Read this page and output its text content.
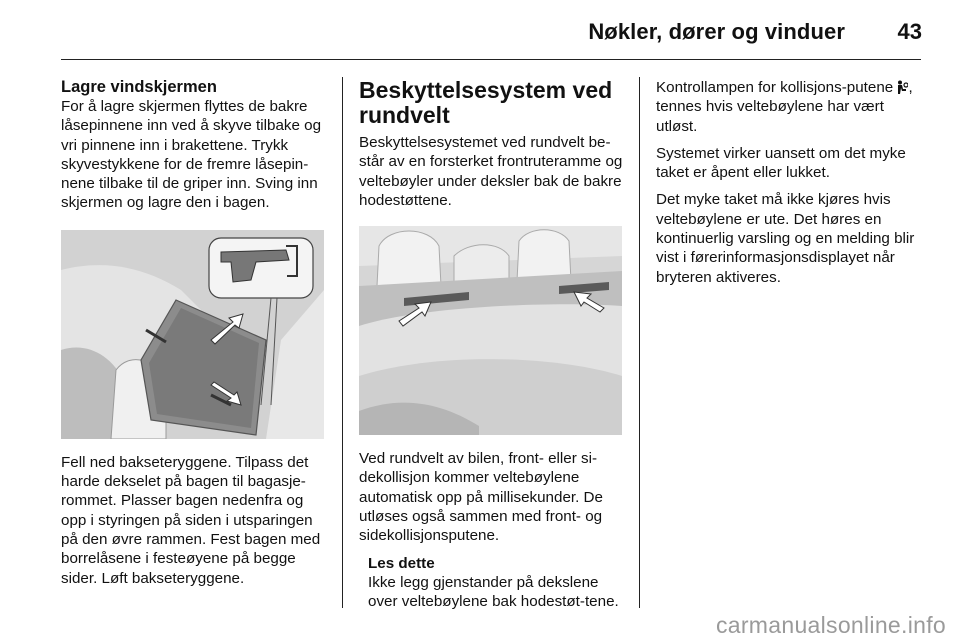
Nøkler, dører og vinduer 43
Lagre vindskjermen

For å lagre skjermen flyttes de bakre låsepinnene inn ved å skyve tilbake og vri pinnene inn i brakettene. Trykk skyvestykkene for de fremre låsepin-nene tilbake til de griper inn. Sving inn skjermen og lagre den i bagen.

Fell ned bakseteryggene. Tilpass det harde dekselet på bagen til bagasje-rommet. Plasser bagen nedenfra og opp i styringen på siden i utsparingen på den øvre rammen. Fest bagen med borrelåsene i festeøyene på begge sider. Løft bakseteryggene.

Beskyttelsesystem ved rundvelt

Beskyttelsesystemet ved rundvelt be-står av en forsterket frontruteramme og veltebøyler under deksler bak de bakre hodestøttene.

Ved rundvelt av bilen, front- eller si-dekollisjon kommer veltebøylene automatisk opp på millisekunder. De utløses også sammen med front- og sidekollisjonsputene.

Les dette
Ikke legg gjenstander på dekslene over veltebøylene bak hodestøt-tene.

Kontrollampen for kollisjons-putene , tennes hvis veltebøylene har vært utløst.

Systemet virker uansett om det myke taket er åpent eller lukket.

Det myke taket må ikke kjøres hvis veltebøylene er ute. Det høres en kontinuerlig varsling og en melding blir vist i førerinformasjonsdisplayet når bryteren aktiveres.

carmanualsonline.info
